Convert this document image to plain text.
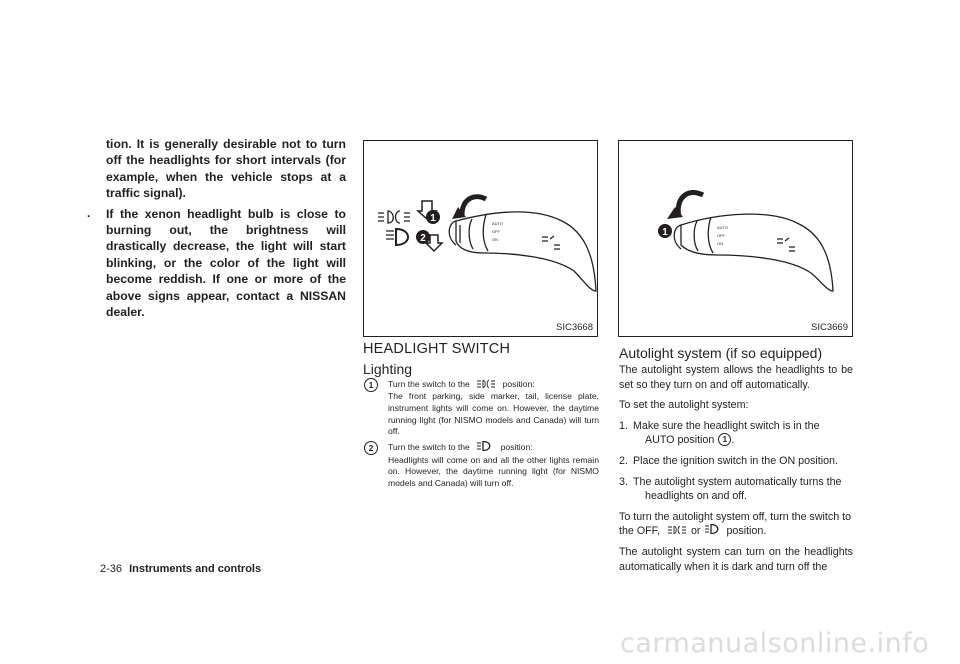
tion. It is generally desirable not to turn off the headlights for short intervals (for example, when the vehicle stops at a traffic signal).

. If the xenon headlight bulb is close to burning out, the brightness will drastically decrease, the light will start blinking, or the color of the light will become reddish. If one or more of the above signs appear, contact a NISSAN dealer.

AUTO
OFF
ON
1
2
SIC3668
AUTO
OFF
ON
1
SIC3669
HEADLIGHT SWITCH
Lighting
1	Turn the switch to the	position:
The front parking, side marker, tail, license plate, instrument lights will come on. However, the daytime running light (for NISMO models and Canada) will turn off.
2	Turn the switch to the	position:
Headlights will come on and all the other lights remain on. However, the daytime running light (for NISMO models and Canada) will turn off.
Autolight system (if so equipped)

The autolight system allows the headlights to be set so they turn on and off automatically.

To set the autolight system:

1. Make sure the headlight switch is in the
AUTO position 1 .
2. Place the ignition switch in the ON position.
3. The autolight system automatically turns the
headlights on and off.

To turn the autolight system off, turn the switch to the OFF,	or position.

The autolight system can turn on the headlights automatically when it is dark and turn off the

2-36 Instruments and controls
carmanualsonline.info
